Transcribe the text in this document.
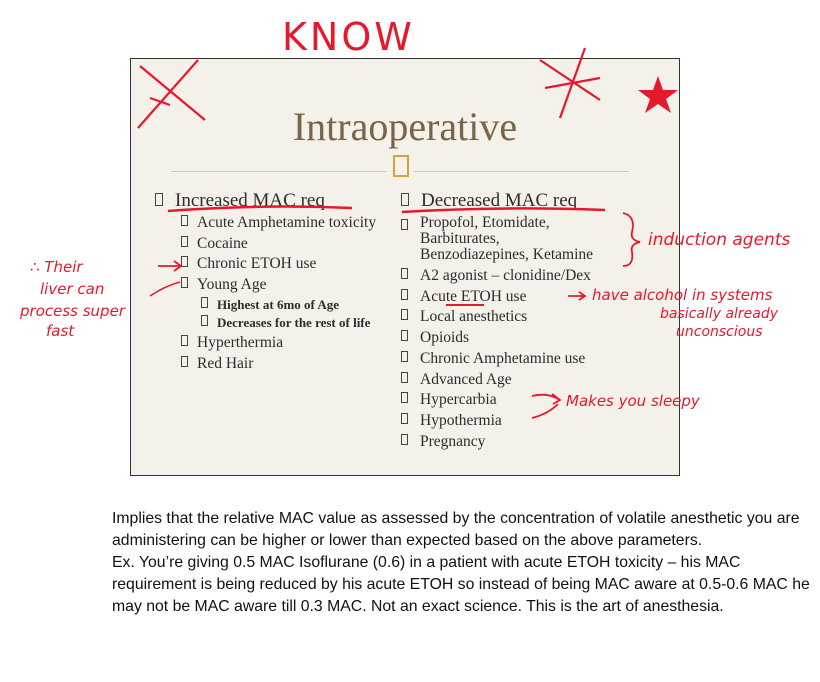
Intraoperative
Increased MAC req
Acute Amphetamine toxicity
Cocaine
Chronic ETOH use
Young Age
Highest at 6mo of Age
Decreases for the rest of life
Hyperthermia
Red Hair
Decreased MAC req
Propofol, Etomidate,
Barbiturates,
Benzodiazepines, Ketamine
A2 agonist – clonidine/Dex
Acute ETOH use
Local anesthetics
Opioids
Chronic Amphetamine use
Advanced Age
Hypercarbia
Hypothermia
Pregnancy
KNOW
induction agents
∴ Their
liver can
process super
fast
have alcohol in systems
basically already
unconscious
Makes you sleepy

Implies that the relative MAC value as assessed by the concentration of volatile anesthetic you are administering can be higher or lower than expected based on the above parameters.

Ex. You’re giving 0.5 MAC Isoflurane (0.6) in a patient with acute ETOH toxicity – his MAC requirement is being reduced by his acute ETOH so instead of being MAC aware at 0.5-0.6 MAC he may not be MAC aware till 0.3 MAC. Not an exact science. This is the art of anesthesia.
